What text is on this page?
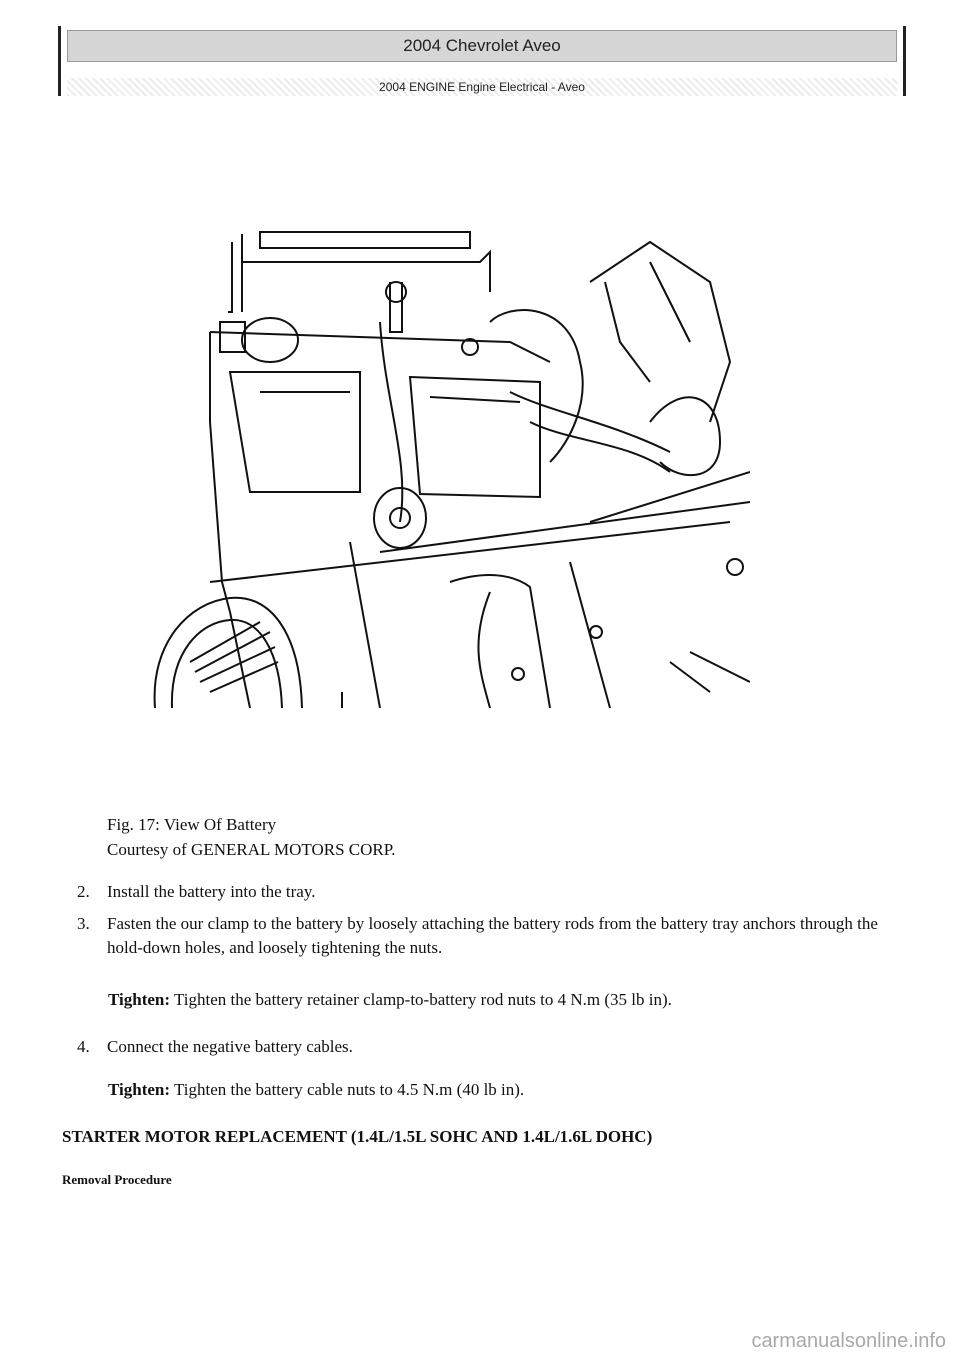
2004 Chevrolet Aveo
2004 ENGINE Engine Electrical - Aveo
Fig. 17: View Of Battery
Courtesy of GENERAL MOTORS CORP.
2. Install the battery into the tray.
3. Fasten the our clamp to the battery by loosely attaching the battery rods from the battery tray anchors through the hold-down holes, and loosely tightening the nuts.
Tighten: Tighten the battery retainer clamp-to-battery rod nuts to 4 N.m (35 lb in).
4. Connect the negative battery cables.
Tighten: Tighten the battery cable nuts to 4.5 N.m (40 lb in).
STARTER MOTOR REPLACEMENT (1.4L/1.5L SOHC AND 1.4L/1.6L DOHC)
Removal Procedure
carmanualsonline.info
